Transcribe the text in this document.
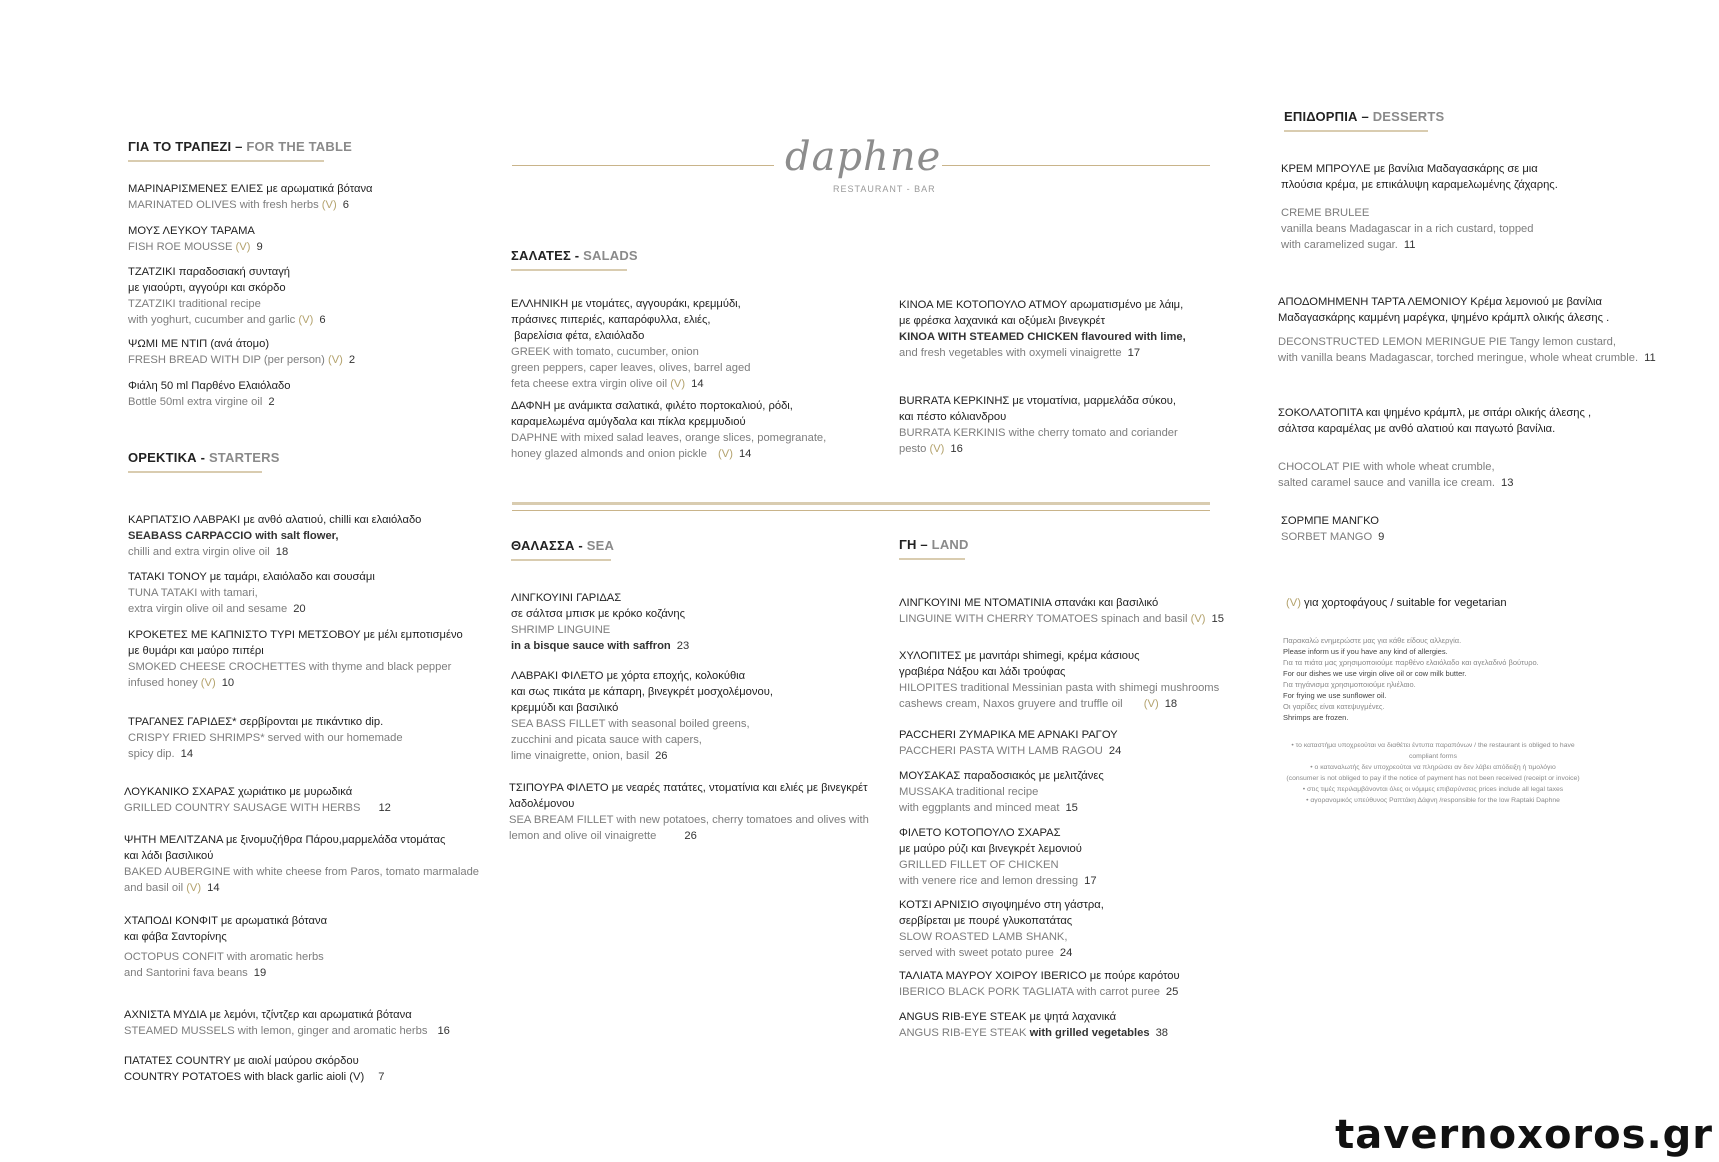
daphne
RESTAURANT - BAR
ΓΙΑ ΤΟ ΤΡΑΠΕΖΙ – FOR THE TABLE
ΜΑΡΙΝΑΡΙΣΜΕΝΕΣ ΕΛΙΕΣ με αρωματικά βότανα
MARINATED OLIVES with fresh herbs (V) 6
ΜΟΥΣ ΛΕΥΚΟΥ ΤΑΡΑΜΑ
FISH ROE MOUSSE (V) 9
ΤΖΑΤΖΙΚΙ παραδοσιακή συνταγή
με γιαούρτι, αγγούρι και σκόρδο
TZATZIKI traditional recipe
with yoghurt, cucumber and garlic (V) 6
ΨΩΜΙ ΜΕ ΝΤΙΠ (ανά άτομο)
FRESH BREAD WITH DIP (per person) (V) 2
Φιάλη 50 ml Παρθένο Ελαιόλαδο
Bottle 50ml extra virgine oil 2
ΟΡΕΚΤΙΚΑ - STARTERS
ΚΑΡΠΑΤΣΙΟ ΛΑΒΡΑΚΙ με ανθό αλατιού, chilli και ελαιόλαδο
SEABASS CARPACCIO with salt flower,
chilli and extra virgin olive oil 18
ΤΑΤΑΚΙ ΤΟΝΟΥ με ταμάρι, ελαιόλαδο και σουσάμι
TUNA TATAKI with tamari,
extra virgin olive oil and sesame 20
ΚΡΟΚΕΤΕΣ ΜΕ ΚΑΠΝΙΣΤΟ ΤΥΡΙ ΜΕΤΣΟΒΟΥ με μέλι εμποτισμένο
με θυμάρι και μαύρο πιπέρι
SMOKED CHEESE CROCHETTES with thyme and black pepper
infused honey (V) 10
ΤΡΑΓΑΝΕΣ ΓΑΡΙΔΕΣ* σερβίρονται με πικάντικο dip.
CRISPY FRIED SHRIMPS* served with our homemade
spicy dip. 14
ΛΟΥΚΑΝΙΚΟ ΣΧΑΡΑΣ χωριάτικο με μυρωδικά
GRILLED COUNTRY SAUSAGE WITH HERBS 12
ΨΗΤΗ ΜΕΛΙΤΖΑΝΑ με ξινομυζήθρα Πάρου,μαρμελάδα ντομάτας
και λάδι βασιλικού
BAKED AUBERGINE with white cheese from Paros, tomato marmalade
and basil oil (V) 14
ΧΤΑΠΟΔΙ ΚΟΝΦΙΤ με αρωματικά βότανα
και φάβα Σαντορίνης
OCTOPUS CONFIT with aromatic herbs
and Santorini fava beans 19
ΑΧΝΙΣΤΑ ΜΥΔΙΑ με λεμόνι, τζίντζερ και αρωματικά βότανα
STEAMED MUSSELS with lemon, ginger and aromatic herbs 16
ΠΑΤΑΤΕΣ COUNTRY με αιολί μαύρου σκόρδου
COUNTRY POTATOES with black garlic aioli (V) 7
ΣΑΛΑΤΕΣ - SALADS
ΕΛΛΗΝΙΚΗ με ντομάτες, αγγουράκι, κρεμμύδι,
πράσινες πιπεριές, καπαρόφυλλα, ελιές,
βαρελίσια φέτα, ελαιόλαδο
GREEK with tomato, cucumber, onion
green peppers, caper leaves, olives, barrel aged
feta cheese extra virgin olive oil (V) 14
ΔΑΦΝΗ με ανάμικτα σαλατικά, φιλέτο πορτοκαλιού, ρόδι,
καραμελωμένα αμύγδαλα και πίκλα κρεμμυδιού
DAPHNE with mixed salad leaves, orange slices, pomegranate,
honey glazed almonds and onion pickle (V) 14
ΚΙΝΟΑ ΜΕ ΚΟΤΟΠΟΥΛΟ ΑΤΜΟΥ αρωματισμένο με λάιμ,
με φρέσκα λαχανικά και οξύμελι βινεγκρέτ
KINOA WITH STEAMED CHICKEN flavoured with lime,
and fresh vegetables with oxymeli vinaigrette 17
BURRATA ΚΕΡΚΙΝΗΣ με ντοματίνια, μαρμελάδα σύκου,
και πέστο κόλιανδρου
BURRATA KERKINIS withe cherry tomato and coriander
pesto (V) 16
ΘΑΛΑΣΣΑ - SEA
ΛΙΝΓΚΟΥΙΝΙ ΓΑΡΙΔΑΣ
σε σάλτσα μπισκ με κρόκο κοζάνης
SHRIMP LINGUINE
in a bisque sauce with saffron 23
ΛΑΒΡΑΚΙ ΦΙΛΕΤΟ με χόρτα εποχής, κολοκύθια
και σως πικάτα με κάπαρη, βινεγκρέτ μοσχολέμονου,
κρεμμύδι και βασιλικό
SEA BASS FILLET with seasonal boiled greens,
zucchini and picata sauce with capers,
lime vinaigrette, onion, basil 26
ΤΣΙΠΟΥΡΑ ΦΙΛΕΤΟ με νεαρές πατάτες, ντοματίνια και ελιές με βινεγκρέτ
λαδολέμονου
SEA BREAM FILLET with new potatoes, cherry tomatoes and olives with
lemon and olive oil vinaigrette	26
ΓΗ – LAND
ΛΙΝΓΚΟΥΙΝΙ ΜΕ ΝΤΟΜΑΤΙΝΙΑ σπανάκι και βασιλικό
LINGUINE WITH CHERRY TOMATOES spinach and basil (V) 15
ΧΥΛΟΠΙΤΕΣ με μανιτάρι shimegi, κρέμα κάσιους
γραβιέρα Νάξου και λάδι τρούφας
HILOPITES traditional Messinian pasta with shimegi mushrooms
cashews cream, Naxos gruyere and truffle oil (V) 18
PACCHERI ΖΥΜΑΡΙΚΑ ΜΕ ΑΡΝΑΚΙ ΡΑΓΟΥ
PACCHERI PASTA WITH LAMB RAGOU 24
ΜΟΥΣΑΚΑΣ παραδοσιακός με μελιτζάνες
MUSSAKA traditional recipe
with eggplants and minced meat 15
ΦΙΛΕΤΟ ΚΟΤΟΠΟΥΛΟ ΣΧΑΡΑΣ
με μαύρο ρύζι και βινεγκρέτ λεμονιού
GRILLED FILLET OF CHICKEN
with venere rice and lemon dressing 17
ΚΟΤΣΙ ΑΡΝΙΣΙΟ σιγοψημένο στη γάστρα,
σερβίρεται με πουρέ γλυκοπατάτας
SLOW ROASTED LAMB SHANK,
served with sweet potato puree 24
ΤΑΛΙΑΤΑ ΜΑΥΡΟΥ ΧΟΙΡΟΥ IBERICO με πούρε καρότου
IBERICO BLACK PORK TAGLIATA with carrot puree 25
ANGUS RIB-EYE STEAK με ψητά λαχανικά
ANGUS RIB-EYE STEAK with grilled vegetables 38
ΕΠΙΔΟΡΠΙΑ – DESSERTS
ΚΡΕΜ ΜΠΡΟΥΛΕ με βανίλια Μαδαγασκάρης σε μια
πλούσια κρέμα, με επικάλυψη καραμελωμένης ζάχαρης.
CREME BRULEE
vanilla beans Madagascar in a rich custard, topped
with caramelized sugar. 11
ΑΠΟΔΟΜΗΜΕΝΗ ΤΑΡΤΑ ΛΕΜΟΝΙΟΥ Κρέμα λεμονιού με βανίλια
Μαδαγασκάρης καμμένη μαρέγκα, ψημένο κράμπλ ολικής άλεσης .
DECONSTRUCTED LEMON MERINGUE PIE Tangy lemon custard,
with vanilla beans Madagascar, torched meringue, whole wheat crumble. 11
ΣΟΚΟΛΑΤΟΠΙΤΑ και ψημένο κράμπλ, με σιτάρι ολικής άλεσης ,
σάλτσα καραμέλας με ανθό αλατιού και παγωτό βανίλια.
CHOCOLAT PIE with whole wheat crumble,
salted caramel sauce and vanilla ice cream. 13
ΣΟΡΜΠΕ ΜΑΝΓΚΟ
SORBET MANGO 9
(V) για χορτοφάγους / suitable for vegetarian
Παρακαλώ ενημερώστε μας για κάθε είδους αλλεργία.
Please inform us if you have any kind of allergies.
Για τα πιάτα μας χρησιμοποιούμε παρθένο ελαιόλαδο και αγελαδινό βούτυρο.
For our dishes we use virgin olive oil or cow milk butter.
Για τηγάνισμα χρησιμοποιούμε ηλιέλαιο.
For frying we use sunflower oil.
Οι γαρίδες είναι κατεψυγμένες.
Shrimps are frozen.
• το καταστήμα υποχρεούται να διαθέτει έντυπα παραπόνων / the restaurant is obliged to have compliant forms
• ο καταναλωτής δεν υποχρεούται να πληρώσει αν δεν λάβει απόδειξη ή τιμολόγιο
(consumer is not obliged to pay if the notice of payment has not been received (receipt or invoice)
• στις τιμές περιλαμβάνονται όλες οι νόμιμες επιβαρύνσεις prices include all legal taxes
• αγορανομικός υπεύθυνος Ραπτάκη Δάφνη /responsible for the low Raptaki Daphne
tavernoxoros.gr
